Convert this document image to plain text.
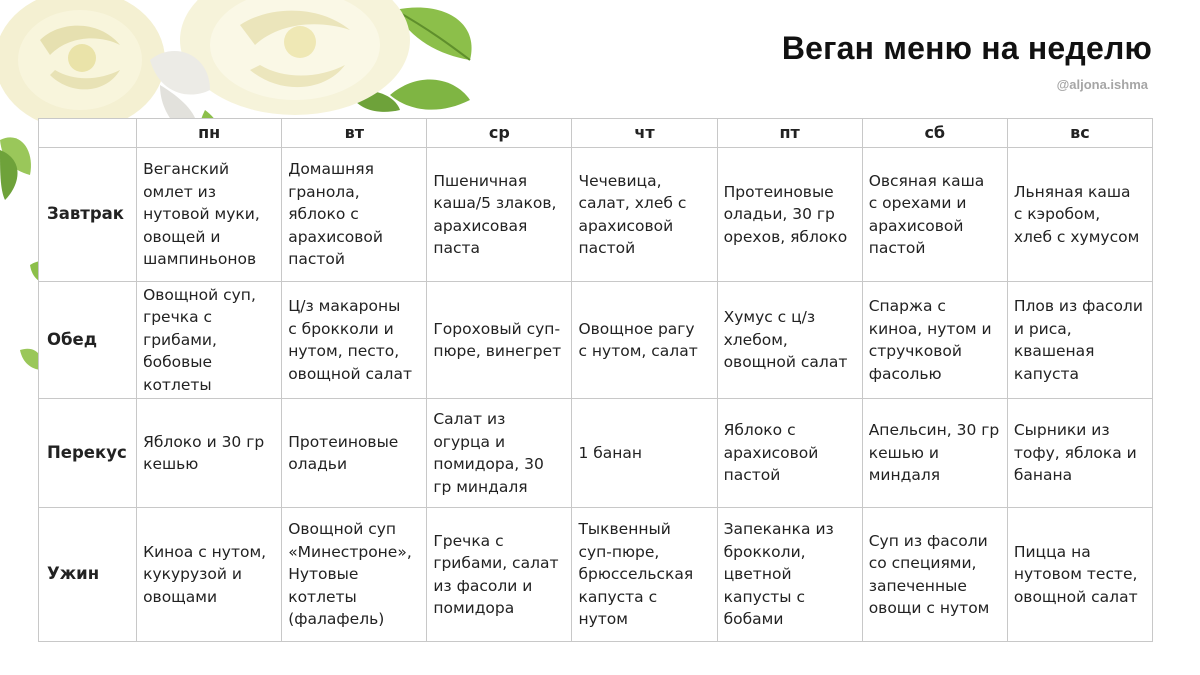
Веган меню на неделю
@aljona.ishma
	пн	вт	ср	чт	пт	сб	вс
Завтрак	Веганский
омлет из
нутовой муки,
овощей и
шампиньонов	Домашняя
гранола,
яблоко с
арахисовой
пастой	Пшеничная
каша/5 злаков,
арахисовая
паста	Чечевица,
салат, хлеб с
арахисовой
пастой	Протеиновые
оладьи, 30 гр
орехов, яблоко	Овсяная каша
с орехами и
арахисовой
пастой	Льняная каша
с кэробом,
хлеб с хумусом
Обед	Овощной суп,
гречка с
грибами,
бобовые
котлеты	Ц/з макароны
с брокколи и
нутом, песто,
овощной салат	Гороховый суп-
пюре, винегрет	Овощное рагу
с нутом, салат	Хумус с ц/з
хлебом,
овощной салат	Спаржа с
киноа, нутом и
стручковой
фасолью	Плов из фасоли
и риса,
квашеная
капуста
Перекус	Яблоко и 30 гр
кешью	Протеиновые
оладьи	Салат из
огурца и
помидора, 30
гр миндаля	1 банан	Яблоко с
арахисовой
пастой	Апельсин, 30 гр
кешью и
миндаля	Сырники из
тофу, яблока и
банана
Ужин	Киноа с нутом,
кукурузой и
овощами	Овощной суп
«Минестроне»,
Нутовые
котлеты
(фалафель)	Гречка с
грибами, салат
из фасоли и
помидора	Тыквенный
суп-пюре,
брюссельская
капуста с
нутом	Запеканка из
брокколи,
цветной
капусты с
бобами	Суп из фасоли
со специями,
запеченные
овощи с нутом	Пицца на
нутовом тесте,
овощной салат
